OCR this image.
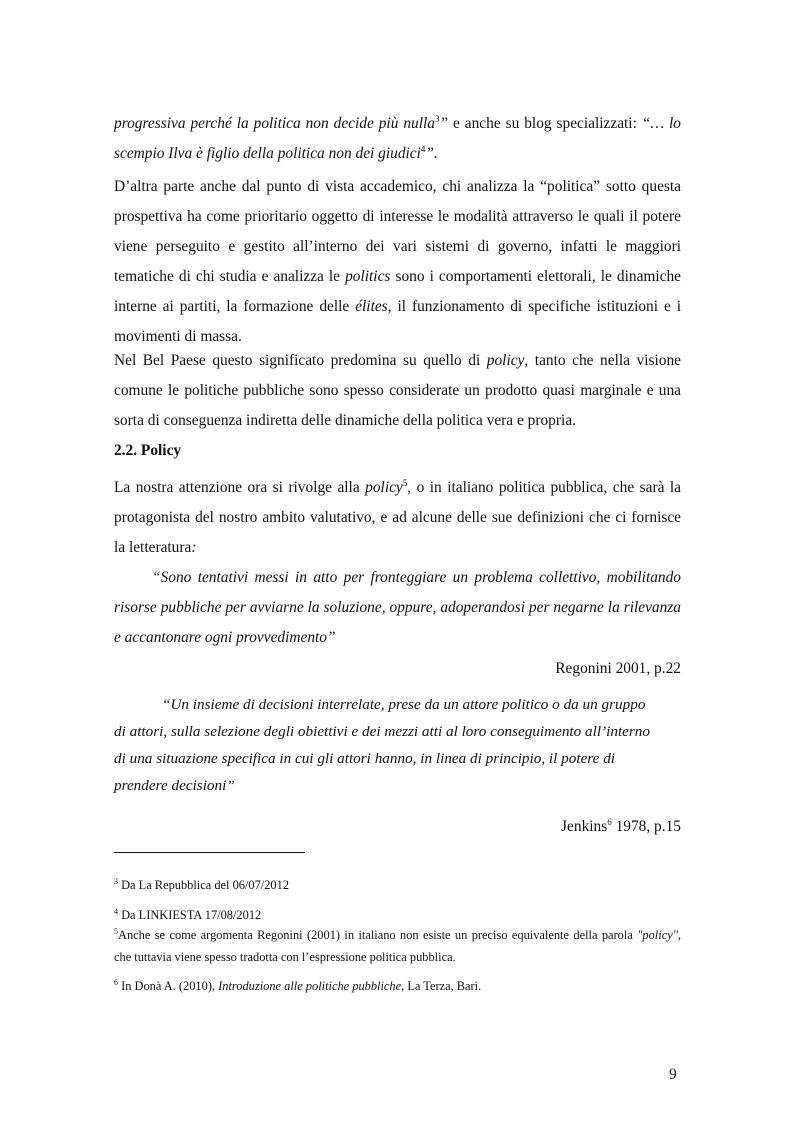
progressiva perché la politica non decide più nulla$^3$” e anche su blog specializzati: “… lo scempio Ilva è figlio della politica non dei giudici$^4$”.

D’altra parte anche dal punto di vista accademico, chi analizza la “politica” sotto questa prospettiva ha come prioritario oggetto di interesse le modalità attraverso le quali il potere viene perseguito e gestito all’interno dei vari sistemi di governo, infatti le maggiori tematiche di chi studia e analizza le politics sono i comportamenti elettorali, le dinamiche interne ai partiti, la formazione delle élites, il funzionamento di specifiche istituzioni e i movimenti di massa.

Nel Bel Paese questo significato predomina su quello di policy, tanto che nella visione comune le politiche pubbliche sono spesso considerate un prodotto quasi marginale e una sorta di conseguenza indiretta delle dinamiche della politica vera e propria.

2.2. Policy

La nostra attenzione ora si rivolge alla policy$^5$, o in italiano politica pubblica, che sarà la protagonista del nostro ambito valutativo, e ad alcune delle sue definizioni che ci fornisce la letteratura:

“Sono tentativi messi in atto per fronteggiare un problema collettivo, mobilitando risorse pubbliche per avviarne la soluzione, oppure, adoperandosi per negarne la rilevanza e accantonare ogni provvedimento”

Regonini 2001, p.22

“Un insieme di decisioni interrelate, prese da un attore politico o da un gruppo
di attori, sulla selezione degli obiettivi e dei mezzi atti al loro conseguimento all’interno
di una situazione specifica in cui gli attori hanno, in linea di principio, il potere di
prendere decisioni”

Jenkins$^6$ 1978, p.15

$^3$ Da La Repubblica del 06/07/2012

$^4$ Da LINKIESTA 17/08/2012

$^5$Anche se come argomenta Regonini (2001) in italiano non esiste un preciso equivalente della parola "policy", che tuttavia viene spesso tradotta con l’espressione politica pubblica.

$^6$ In Donà A. (2010), Introduzione alle politiche pubbliche, La Terza, Bari.

9
